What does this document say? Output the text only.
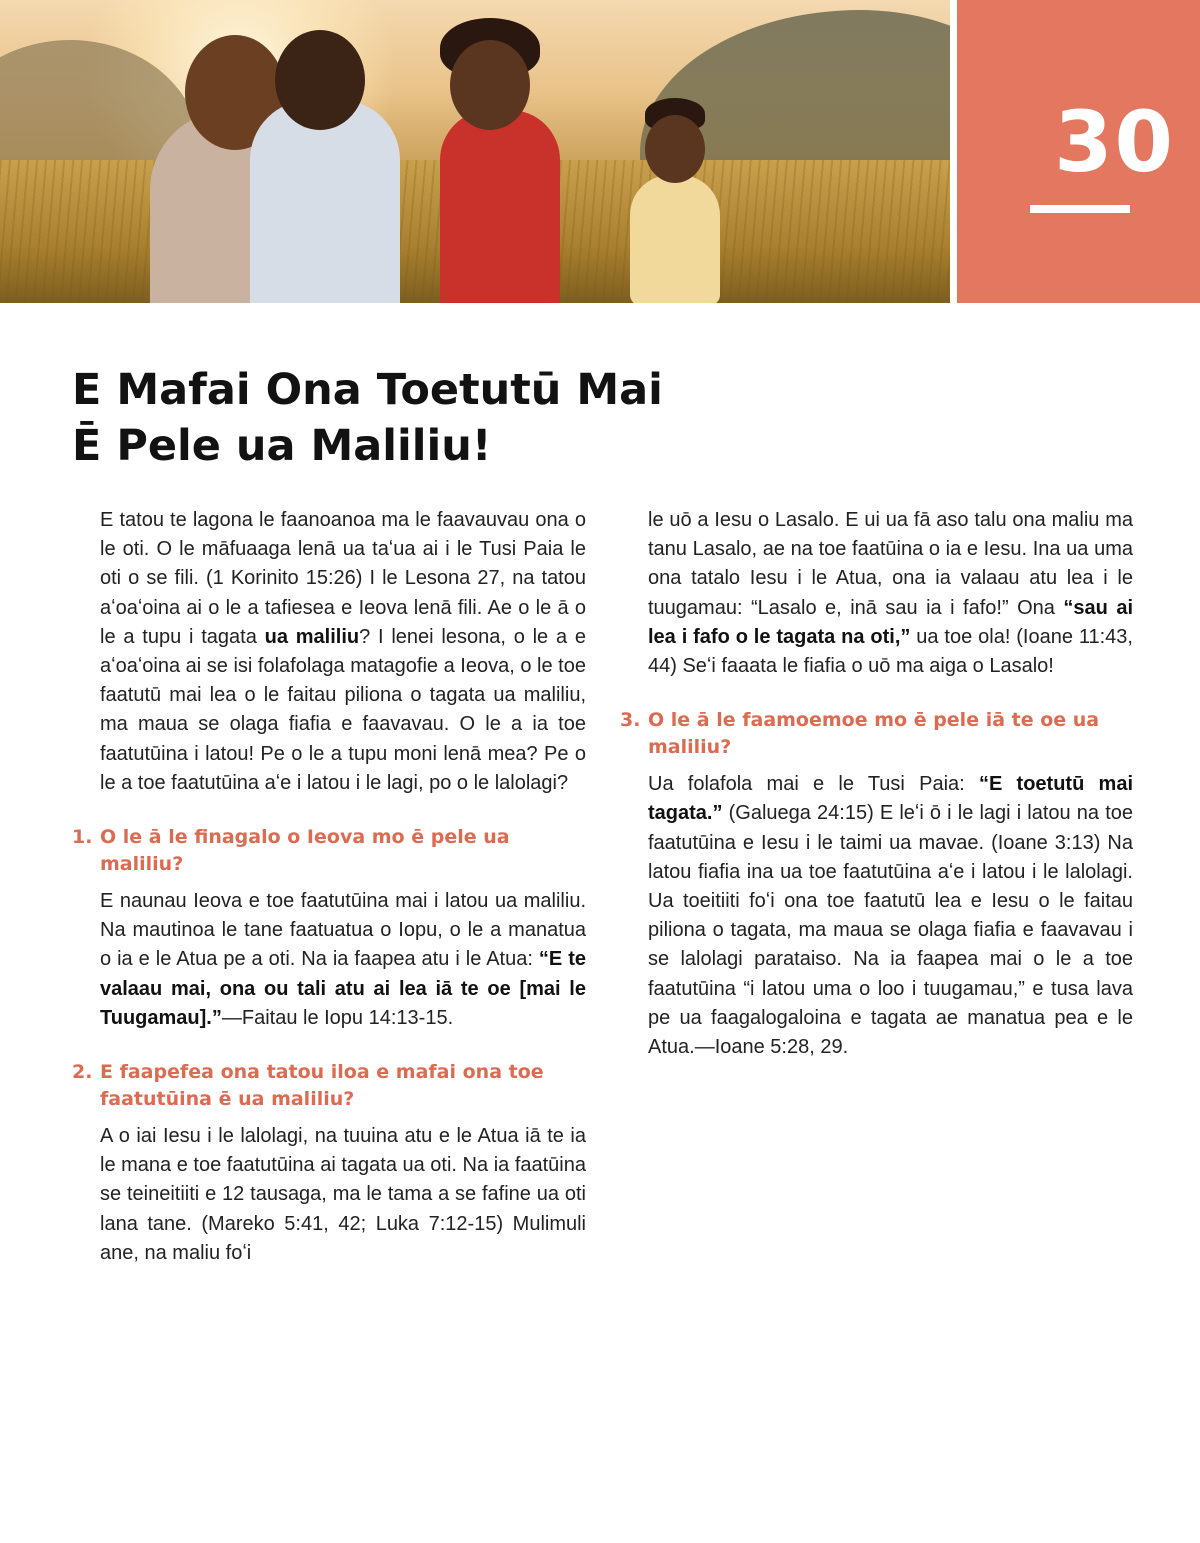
30
E Mafai Ona Toetutū Mai
Ē Pele ua Maliliu!

E tatou te lagona le faanoanoa ma le faavauvau ona o le oti. O le māfuaaga lenā ua taʻua ai i le Tusi Paia le oti o se fili. (1 Korinito 15:26) I le Lesona 27, na tatou aʻoaʻoina ai o le a tafiesea e Ieova lenā fili. Ae o le ā o le a tupu i tagata ua maliliu? I lenei lesona, o le a e aʻoaʻoina ai se isi folafolaga matagofie a Ieova, o le toe faatutū mai lea o le faitau piliona o tagata ua maliliu, ma maua se olaga fiafia e faavavau. O le a ia toe faatutūina i latou! Pe o le a tupu moni lenā mea? Pe o le a toe faatutūina aʻe i latou i le lagi, po o le lalolagi?

1. O le ā le finagalo o Ieova mo ē pele ua maliliu?

E naunau Ieova e toe faatutūina mai i latou ua maliliu. Na mautinoa le tane faatuatua o Iopu, o le a manatua o ia e le Atua pe a oti. Na ia faapea atu i le Atua: “E te valaau mai, ona ou tali atu ai lea iā te oe [mai le Tuugamau].”—Faitau le Iopu 14:13-15.

2. E faapefea ona tatou iloa e mafai ona toe faatutūina ē ua maliliu?

A o iai Iesu i le lalolagi, na tuuina atu e le Atua iā te ia le mana e toe faatutūina ai tagata ua oti. Na ia faatūina se teineitiiti e 12 tausaga, ma le tama a se fafine ua oti lana tane. (Mareko 5:41, 42; Luka 7:12-15) Mulimuli ane, na maliu foʻi

le uō a Iesu o Lasalo. E ui ua fā aso talu ona maliu ma tanu Lasalo, ae na toe faatūina o ia e Iesu. Ina ua uma ona tatalo Iesu i le Atua, ona ia valaau atu lea i le tuugamau: “Lasalo e, inā sau ia i fafo!” Ona “sau ai lea i fafo o le tagata na oti,” ua toe ola! (Ioane 11:43, 44) Seʻi faaata le fiafia o uō ma aiga o Lasalo!

3. O le ā le faamoemoe mo ē pele iā te oe ua maliliu?

Ua folafola mai e le Tusi Paia: “E toetutū mai tagata.” (Galuega 24:15) E leʻi ō i le lagi i latou na toe faatutūina e Iesu i le taimi ua mavae. (Ioane 3:13) Na latou fiafia ina ua toe faatutūina aʻe i latou i le lalolagi. Ua toeitiiti foʻi ona toe faatutū lea e Iesu o le faitau piliona o tagata, ma maua se olaga fiafia e faavavau i se lalolagi parataiso. Na ia faapea mai o le a toe faatutūina “i latou uma o loo i tuugamau,” e tusa lava pe ua faagalogaloina e tagata ae manatua pea e le Atua.—Ioane 5:28, 29.
